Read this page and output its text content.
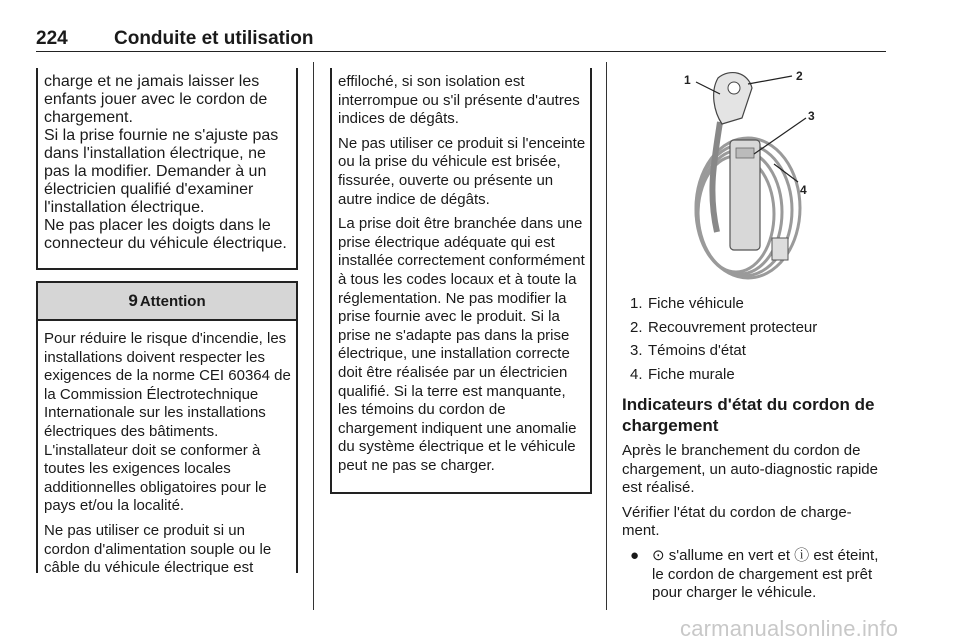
224 Conduite et utilisation

charge et ne jamais laisser les enfants jouer avec le cordon de chargement.

Si la prise fournie ne s'ajuste pas dans l'installation électrique, ne pas la modifier. Demander à un électricien qualifié d'examiner l'installation électrique.

Ne pas placer les doigts dans le connecteur du véhicule électrique.

9 Attention

Pour réduire le risque d'incendie, les installations doivent respecter les exigences de la norme CEI 60364 de la Commission Électrotechnique Internationale sur les installations électriques des bâtiments. L'installateur doit se conformer à toutes les exigences locales additionnelles obligatoires pour le pays et/ou la localité.

Ne pas utiliser ce produit si un cordon d'alimentation souple ou le câble du véhicule électrique est

effiloché, si son isolation est interrompue ou s'il présente d'autres indices de dégâts.

Ne pas utiliser ce produit si l'enceinte ou la prise du véhicule est brisée, fissurée, ouverte ou présente un autre indice de dégâts.

La prise doit être branchée dans une prise électrique adéquate qui est installée correctement conformément à tous les codes locaux et à toute la réglementation. Ne pas modifier la prise fournie avec le produit. Si la prise ne s'adapte pas dans la prise électrique, une installation correcte doit être réalisée par un électricien qualifié. Si la terre est manquante, les témoins du cordon de chargement indiquent une anomalie du système électrique et le véhicule peut ne pas se charger.

1	2
3
4
1. Fiche véhicule
2. Recouvrement protecteur
3. Témoins d'état
4. Fiche murale
Indicateurs d'état du cordon de chargement

Après le branchement du cordon de chargement, un auto-diagnostic rapide est réalisé.

Vérifier l'état du cordon de charge-ment.

● ⊙ s'allume en vert et ⓘ est éteint, le cordon de chargement est prêt pour charger le véhicule.

carmanualsonline.info
